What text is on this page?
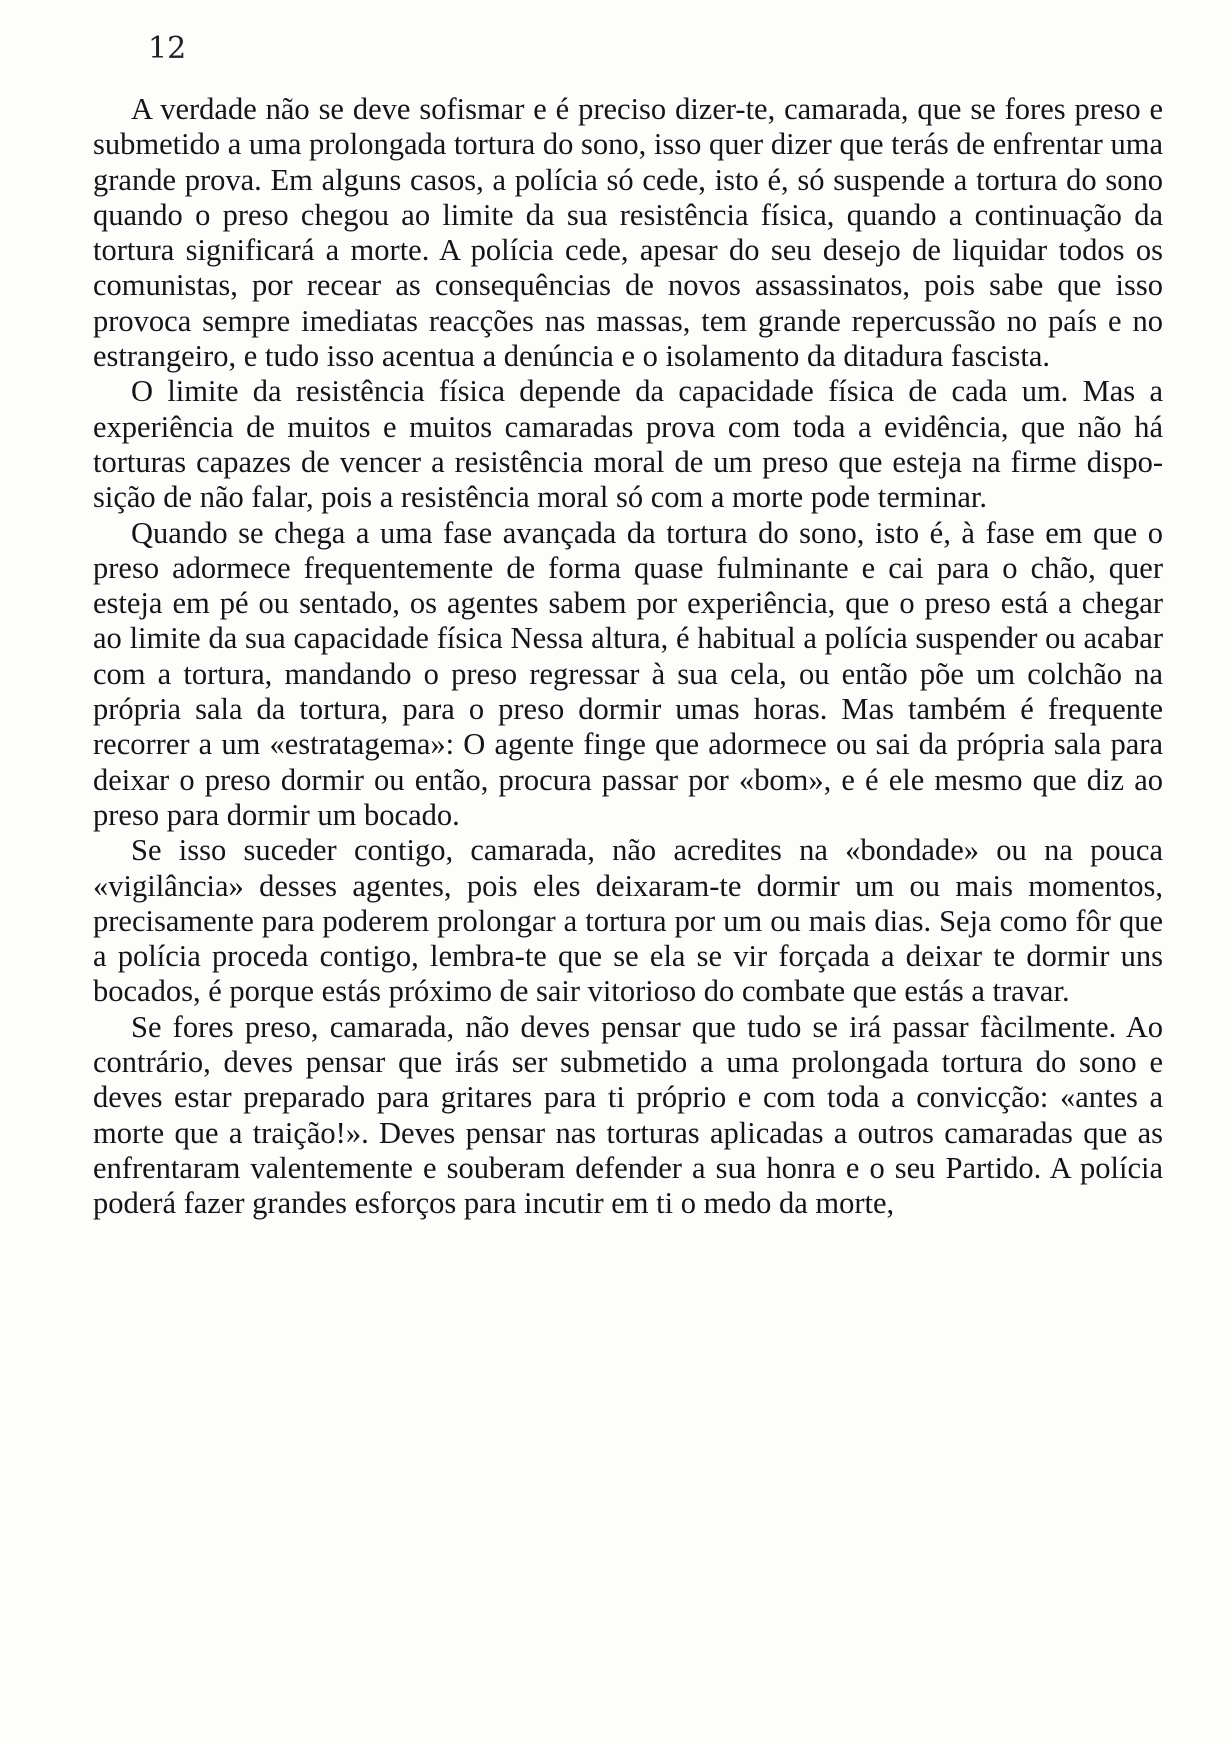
12

A verdade não se deve sofismar e é preciso dizer-te, camarada, que se fores preso e submetido a uma prolongada tortura do sono, isso quer dizer que terás de enfrentar uma grande prova. Em alguns casos, a polícia só cede, isto é, só suspende a tortura do sono quando o preso chegou ao limite da sua resistência física, quando a continuação da tortura significará a morte. A polícia cede, apesar do seu desejo de liquidar todos os comunistas, por recear as consequências de novos assassinatos, pois sabe que isso provoca sempre imediatas reacções nas massas, tem grande repercussão no país e no estrangeiro, e tudo isso acentua a denúncia e o isolamento da ditadura fascista.

O limite da resistência física depende da capacidade física de cada um. Mas a experiência de muitos e muitos camaradas prova com toda a evidência, que não há torturas capazes de vencer a resistência moral de um preso que esteja na firme disposição de não falar, pois a resistência moral só com a morte pode terminar.

Quando se chega a uma fase avançada da tortura do sono, isto é, à fase em que o preso adormece frequentemente de forma quase fulminante e cai para o chão, quer esteja em pé ou sentado, os agentes sabem por experiência, que o preso está a chegar ao limite da sua capacidade física Nessa altura, é habitual a polícia suspender ou acabar com a tortura, mandando o preso regressar à sua cela, ou então põe um colchão na própria sala da tortura, para o preso dormir umas horas. Mas também é frequente recorrer a um «estratagema»: O agente finge que adormece ou sai da própria sala para deixar o preso dormir ou então, procura passar por «bom», e é ele mesmo que diz ao preso para dormir um bocado.

Se isso suceder contigo, camarada, não acredites na «bondade» ou na pouca «vigilância» desses agentes, pois eles deixaram-te dormir um ou mais momentos, precisamente para poderem prolongar a tortura por um ou mais dias. Seja como fôr que a polícia proceda contigo, lembra-te que se ela se vir forçada a deixar te dormir uns bocados, é porque estás próximo de sair vitorioso do combate que estás a travar.

Se fores preso, camarada, não deves pensar que tudo se irá passar fàcilmente. Ao contrário, deves pensar que irás ser submetido a uma prolongada tortura do sono e deves estar preparado para gritares para ti próprio e com toda a convicção: «antes a morte que a traição!». Deves pensar nas torturas aplicadas a outros camaradas que as enfrentaram valentemente e souberam defender a sua honra e o seu Partido. A polícia poderá fazer grandes esforços para incutir em ti o medo da morte,
